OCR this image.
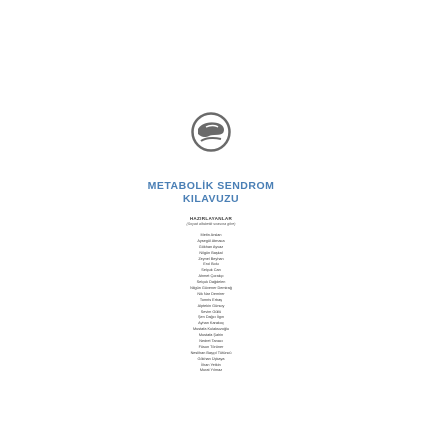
METABOLİK SENDROM
KILAVUZU
HAZIRLAYANLAR
(Soyad alfabetik sırasına göre)
Metin Arslan
Aysegül Atmaca
Gökhan Ayvaz
Nilgün Başkal
Zeynel Beyhan
Erol Bolu
Selçuk Can
Ahmet Çorakçı
Selçuk Dağdelen
Nilgün Güvener Demirağ
Nik Nar Demirer
Tomris Erbaş
Alptekin Gürsoy
Sevim Güllü
Şen Dağcı İlgın
Ayhan Karakoç
Mustafa Kulaksızoğlu
Mustafa Şahin
Nedret Tanacı
Füsun Törüner
Neslihan Başçıl Tütüncü
Gökhan Üçkaya
İlhan Yetkin
Murat Yılmaz
